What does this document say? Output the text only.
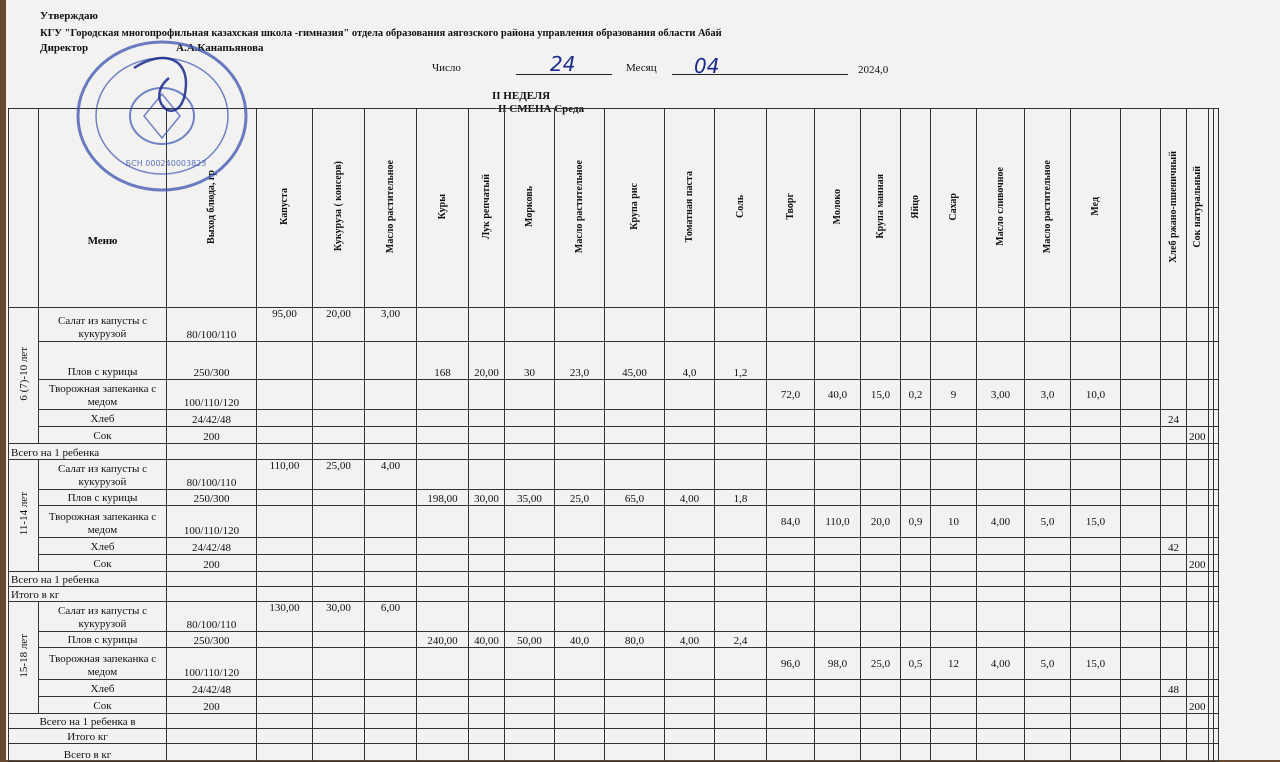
Утверждаю
КГУ "Городская многопрофильная казахская школа -гимназия" отдела образования аягозского района управления образования области Абай
Директор	А.А.Канапьянова
Число	24	Месяц 04	2024,0
II НЕДЕЛЯ
II СМЕНА Среда
	Меню	Выход блюда, гр	Капуста	Кукуруза ( консерв)	Масло растительное	Куры	Лук репчатый	Морковь	Масло растительное	Крупа рис	Томатная паста	Соль	Творг	Молоко	Крупа манная	Яйцо	Сахар	Масло сливочное	Масло растительное	Мед		Хлеб ржано-пшеничный	Сок натуральный		
6 (7)-10 лет	Салат из капусты с кукурузой	80/100/110	95,00	20,00	3,00																				
	Плов с курицы	250/300				168	20,00	30	23,0	45,00	4,0	1,2													
	Творожная запеканка с медом	100/110/120											72,0	40,0	15,0	0,2	9	3,00	3,0	10,0					
	Хлеб	24/42/48																				24			
	Сок	200																					200		
Всего на 1 ребенка																									
11-14 лет	Салат из капусты с кукурузой	80/100/110	110,00	25,00	4,00																				
	Плов с курицы	250/300				198,00	30,00	35,00	25,0	65,0	4,00	1,8													
	Творожная запеканка с медом	100/110/120											84,0	110,0	20,0	0,9	10	4,00	5,0	15,0					
	Хлеб	24/42/48																				42			
	Сок	200																					200		
Всего на 1 ребенка																									
Итого в кг																									
15-18 лет	Салат из капусты с кукурузой	80/100/110	130,00	30,00	6,00																				
	Плов с курицы	250/300				240,00	40,00	50,00	40,0	80,0	4,00	2,4													
	Творожная запеканка с медом	100/110/120											96,0	98,0	25,0	0,5	12	4,00	5,0	15,0					
	Хлеб	24/42/48																				48			
	Сок	200																					200		
Всего на 1 ребенка в																									
Итого кг																									
Всего в кг																									
БСН 000240003823
